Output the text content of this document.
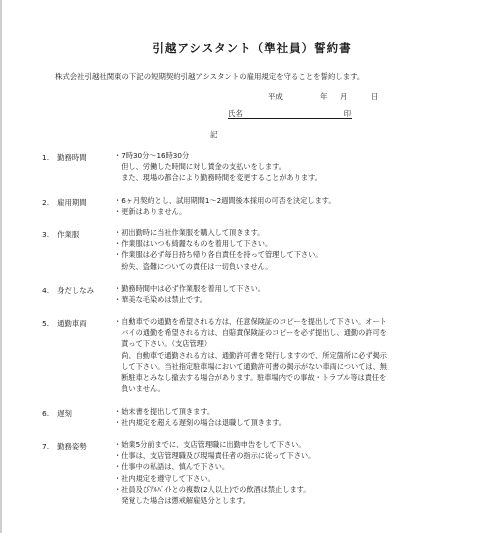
引越アシスタント（準社員）誓約書
株式会社引越社関東の下記の短期契約引越アシスタントの雇用規定を守ることを誓約します。
平成	年 月	日
氏名	印
記
1. 勤務時間	・7時30分～16時30分
　但し、労働した時間に対し賃金の支払いをします。
　また、現場の都合により勤務時間を変更することがあります。
2. 雇用期間	・6ヶ月契約とし、試用期間1～2週間後本採用の可否を決定します。
・更新はありません。
3. 作業服	・初出勤時に当社作業服を購入して頂きます。
・作業服はいつも綺麗なものを着用して下さい。
・作業服は必ず毎日持ち帰り各自責任を持って管理して下さい。
　紛失、盗難についての責任は一切負いません。
4. 身だしなみ	・勤務時間中は必ず作業服を着用して下さい。
・華美な毛染めは禁止です。
5. 通勤車両	・自動車での通勤を希望される方は、任意保険証のコピーを提出して下さい。オート
　バイの通勤を希望される方は、自賠責保険証のコピーを必ず提出し、通勤の許可を
　貰って下さい。（支店管理）
　尚、自動車で通勤される方は、通勤許可書を発行しますので、所定箇所に必ず掲示
　して下さい。当社指定駐車場において通勤許可書の掲示がない車両については、無
　断駐車とみなし撤去する場合があります。駐車場内での事故・トラブル等は責任を
　負いません。
6. 遅刻	・始末書を提出して頂きます。
・社内規定を超える遅刻の場合は退職して頂きます。
7. 勤務姿勢	・始業5分前までに、支店管理職に出勤申告をして下さい。
・仕事は、支店管理職及び現場責任者の指示に従って下さい。
・仕事中の私語は、慎んで下さい。
・社内規定を遵守して下さい。
・社員及びｱﾙﾊﾞｲﾄとの複数(2人以上)での飲酒は禁止します。
　発覚した場合は懲戒解雇処分とします。
